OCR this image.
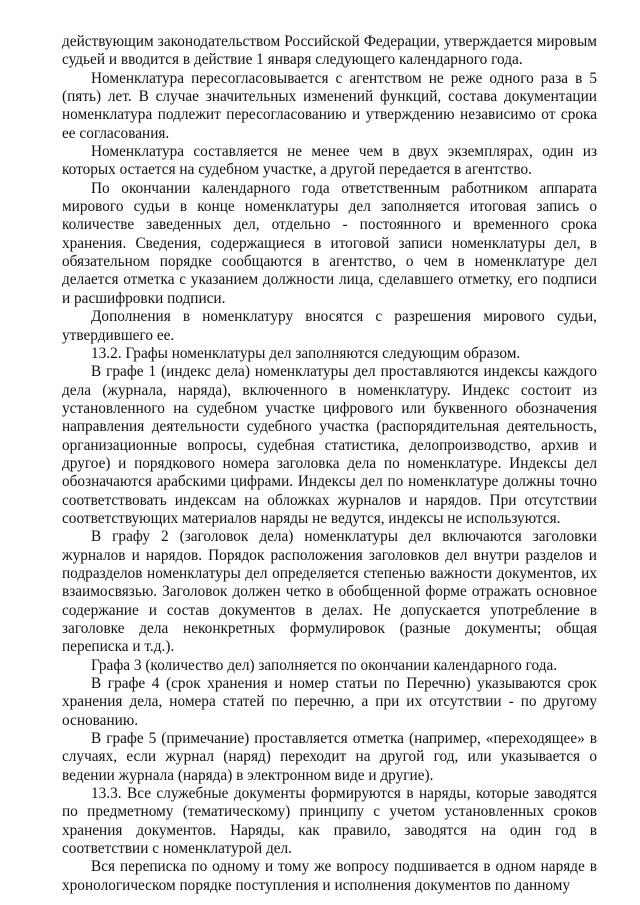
действующим законодательством Российской Федерации, утверждается мировым судьей и вводится в действие 1 января следующего календарного года.

Номенклатура пересогласовывается с агентством не реже одного раза в 5 (пять) лет. В случае значительных изменений функций, состава документации номенклатура подлежит пересогласованию и утверждению независимо от срока ее согласования.

Номенклатура составляется не менее чем в двух экземплярах, один из которых остается на судебном участке, а другой передается в агентство.

По окончании календарного года ответственным работником аппарата мирового судьи в конце номенклатуры дел заполняется итоговая запись о количестве заведенных дел, отдельно - постоянного и временного срока хранения. Сведения, содержащиеся в итоговой записи номенклатуры дел, в обязательном порядке сообщаются в агентство, о чем в номенклатуре дел делается отметка с указанием должности лица, сделавшего отметку, его подписи и расшифровки подписи.

Дополнения в номенклатуру вносятся с разрешения мирового судьи, утвердившего ее.

13.2. Графы номенклатуры дел заполняются следующим образом.

В графе 1 (индекс дела) номенклатуры дел проставляются индексы каждого дела (журнала, наряда), включенного в номенклатуру. Индекс состоит из установленного на судебном участке цифрового или буквенного обозначения направления деятельности судебного участка (распорядительная деятельность, организационные вопросы, судебная статистика, делопроизводство, архив и другое) и порядкового номера заголовка дела по номенклатуре. Индексы дел обозначаются арабскими цифрами. Индексы дел по номенклатуре должны точно соответствовать индексам на обложках журналов и нарядов. При отсутствии соответствующих материалов наряды не ведутся, индексы не используются.

В графу 2 (заголовок дела) номенклатуры дел включаются заголовки журналов и нарядов. Порядок расположения заголовков дел внутри разделов и подразделов номенклатуры дел определяется степенью важности документов, их взаимосвязью. Заголовок должен четко в обобщенной форме отражать основное содержание и состав документов в делах. Не допускается употребление в заголовке дела неконкретных формулировок (разные документы; общая переписка и т.д.).

Графа 3 (количество дел) заполняется по окончании календарного года.

В графе 4 (срок хранения и номер статьи по Перечню) указываются срок хранения дела, номера статей по перечню, а при их отсутствии - по другому основанию.

В графе 5 (примечание) проставляется отметка (например, «переходящее» в случаях, если журнал (наряд) переходит на другой год, или указывается о ведении журнала (наряда) в электронном виде и другие).

13.3. Все служебные документы формируются в наряды, которые заводятся по предметному (тематическому) принципу с учетом установленных сроков хранения документов. Наряды, как правило, заводятся на один год в соответствии с номенклатурой дел.

Вся переписка по одному и тому же вопросу подшивается в одном наряде в хронологическом порядке поступления и исполнения документов по данному
